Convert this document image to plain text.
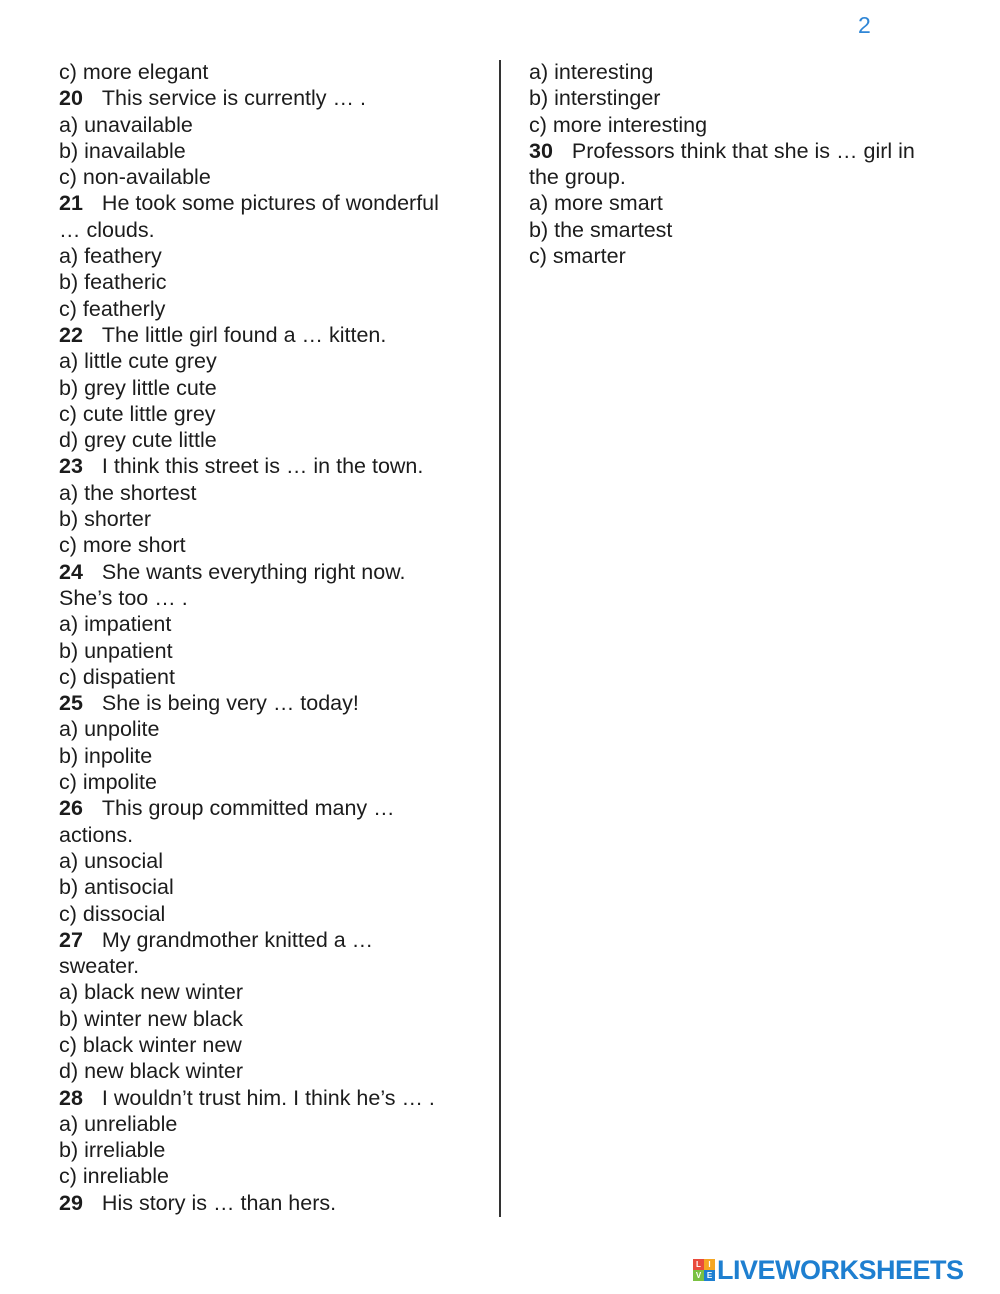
2
c) more elegant
20 This service is currently … .
a) unavailable
b) inavailable
c) non-available
21 He took some pictures of wonderful
… clouds.
a) feathery
b) featheric
c) featherly
22 The little girl found a … kitten.
a) little cute grey
b) grey little cute
c) cute little grey
d) grey cute little
23 I think this street is … in the town.
a) the shortest
b) shorter
c) more short
24 She wants everything right now.
She’s too … .
a) impatient
b) unpatient
c) dispatient
25 She is being very … today!
a) unpolite
b) inpolite
c) impolite
26 This group committed many …
actions.
a) unsocial
b) antisocial
c) dissocial
27 My grandmother knitted a …
sweater.
a) black new winter
b) winter new black
c) black winter new
d) new black winter
28 I wouldn’t trust him. I think he’s … .
a) unreliable
b) irreliable
c) inreliable
29 His story is … than hers.
a) interesting
b) interstinger
c) more interesting
30 Professors think that she is … girl in
the group.
a) more smart
b) the smartest
c) smarter
L I
V E LIVEWORKSHEETS
